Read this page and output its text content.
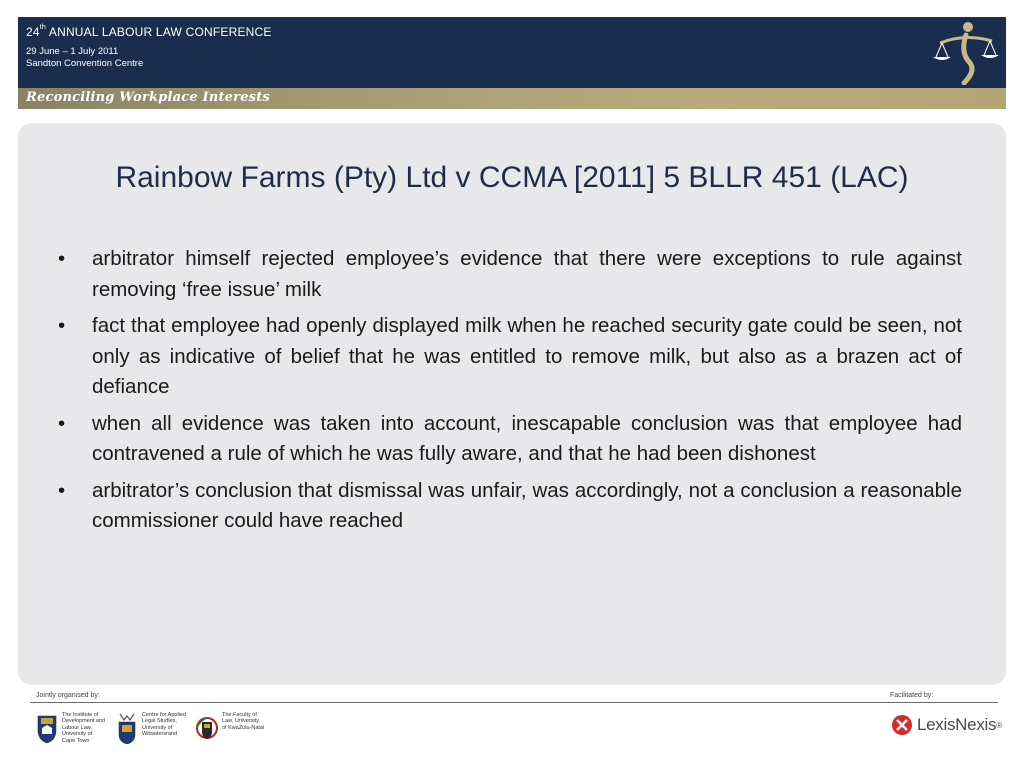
24th ANNUAL LABOUR LAW CONFERENCE
29 June – 1 July 2011
Sandton Convention Centre
Reconciling Workplace Interests
Rainbow Farms (Pty) Ltd v CCMA [2011] 5 BLLR 451 (LAC)
•	arbitrator himself rejected employee’s evidence that there were exceptions to rule against removing ‘free issue’ milk
•	fact that employee had openly displayed milk when he reached security gate could be seen, not only as indicative of belief that he was entitled to remove milk, but also as a brazen act of defiance
•	when all evidence was taken into account, inescapable conclusion was that employee had contravened a rule of which he was fully aware, and that he had been dishonest
•	arbitrator’s conclusion that dismissal was unfair, was accordingly, not a conclusion a reasonable commissioner could have reached
Jointly organised by:	Facilitated by:
The Institute of
Development and
Labour Law,
University of
Cape Town
Centre for Applied
Legal Studies,
University of
Witwatersrand
The Faculty of
Law, University
of KwaZulu-Natal	LexisNexis ®
